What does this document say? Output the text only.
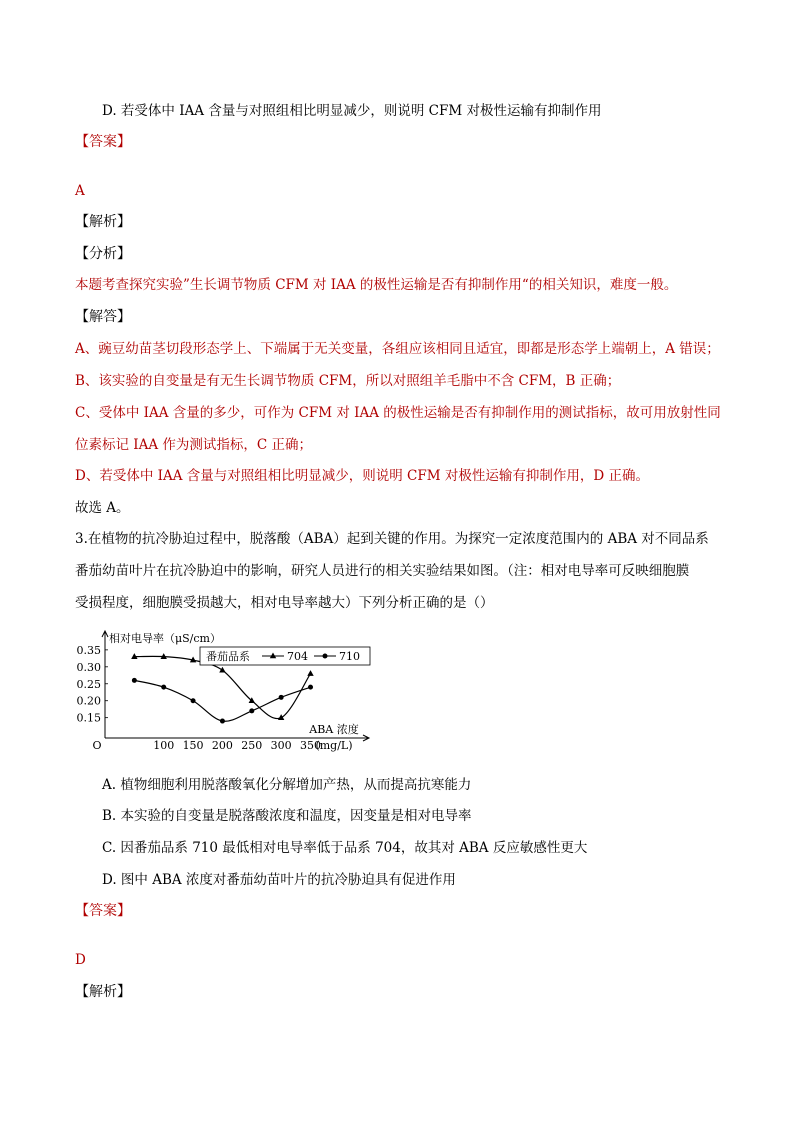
D. 若受体中 IAA 含量与对照组相比明显减少，则说明 CFM 对极性运输有抑制作用
【答案】
A
【解析】
【分析】
本题考查探究实验”生长调节物质 CFM 对 IAA 的极性运输是否有抑制作用“的相关知识，难度一般。
【解答】
A、豌豆幼苗茎切段形态学上、下端属于无关变量，各组应该相同且适宜，即都是形态学上端朝上，A 错误；
B、该实验的自变量是有无生长调节物质 CFM，所以对照组羊毛脂中不含 CFM，B 正确；
C、受体中 IAA 含量的多少，可作为 CFM 对 IAA 的极性运输是否有抑制作用的测试指标，故可用放射性同
位素标记 IAA 作为测试指标，C 正确；
D、若受体中 IAA 含量与对照组相比明显减少，则说明 CFM 对极性运输有抑制作用，D 正确。
故选 A。
3.在植物的抗冷胁迫过程中，脱落酸（ABA）起到关键的作用。为探究一定浓度范围内的 ABA 对不同品系
番茄幼苗叶片在抗冷胁迫中的影响，研究人员进行的相关实验结果如图。（注：相对电导率可反映细胞膜
受损程度，细胞膜受损越大，相对电导率越大）下列分析正确的是（）
相对电导率（μS/cm）
ABA 浓度
(mg/L)
O	100 150 200 250 300 350
0.15
0.20
0.25
0.30
0.35	番茄品系	704	710
A. 植物细胞利用脱落酸氧化分解增加产热，从而提高抗寒能力
B. 本实验的自变量是脱落酸浓度和温度，因变量是相对电导率
C. 因番茄品系 710 最低相对电导率低于品系 704，故其对 ABA 反应敏感性更大
D. 图中 ABA 浓度对番茄幼苗叶片的抗冷胁迫具有促进作用
【答案】
D
【解析】
